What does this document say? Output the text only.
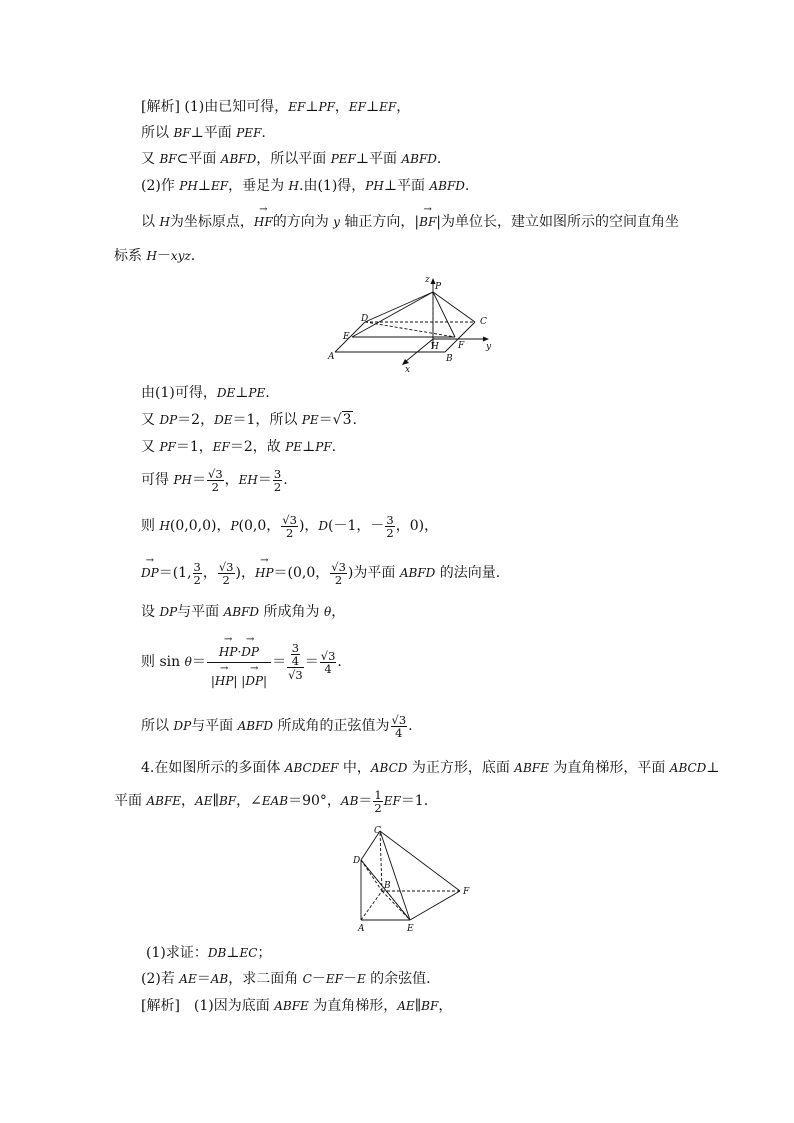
[解析] (1)由已知可得，EF⊥PF，EF⊥EF，
所以 BF⊥平面 PEF.
又 BF⊂平面 ABFD，所以平面 PEF⊥平面 ABFD.
(2)作 PH⊥EF，垂足为 H.由(1)得，PH⊥平面 ABFD.
以 H为坐标原点，→ HF的方向为 y 轴正方向，|→ BF|为单位长，建立如图所示的空间直角坐
标系 H－xyz.
z
P
D	C
E
H F
B
y
A
x
由(1)可得，DE⊥PE.
又 DP＝2，DE＝1，所以 PE＝√3.
又 PF＝1，EF＝2，故 PE⊥PF.
可得 $PH= \frac{√3}{2}$ ，$EH= \frac{3}{2}$ .
则 H(0,0,0)，P(0,0， $\frac{√3}{2}$ )，D(－1，－ $\frac{3}{2}$ ，0)，
→ DP＝(1, $\frac{3}{2}$ ， $\frac{√3}{2}$ )，→ HP＝(0,0， $\frac{√3}{2}$ )为平面 ABFD 的法向量.
设 DP与平面 ABFD 所成角为 θ，
则 sin θ＝
→ $\frac{HP\cdot\to DP}{|\to HP| |\to DP|} = \frac{\frac{3}{4}}{√3} = \frac{√3}{4}$ .
所以 DP与平面 ABFD 所成角的正弦值为 $\frac{√3}{4}$ .
4.在如图所示的多面体 ABCDEF 中，ABCD 为正方形，底面 ABFE 为直角梯形，平面 ABCD⊥
平面 ABFE，AE∥BF，∠EAB＝90°，$AB= \frac{1}{2} EF=1$.
C
D
B
F
A	E
(1)求证：DB⊥EC；
(2)若 AE＝AB，求二面角 C－EF－E 的余弦值.
[解析]　(1)因为底面 ABFE 为直角梯形，AE∥BF，
